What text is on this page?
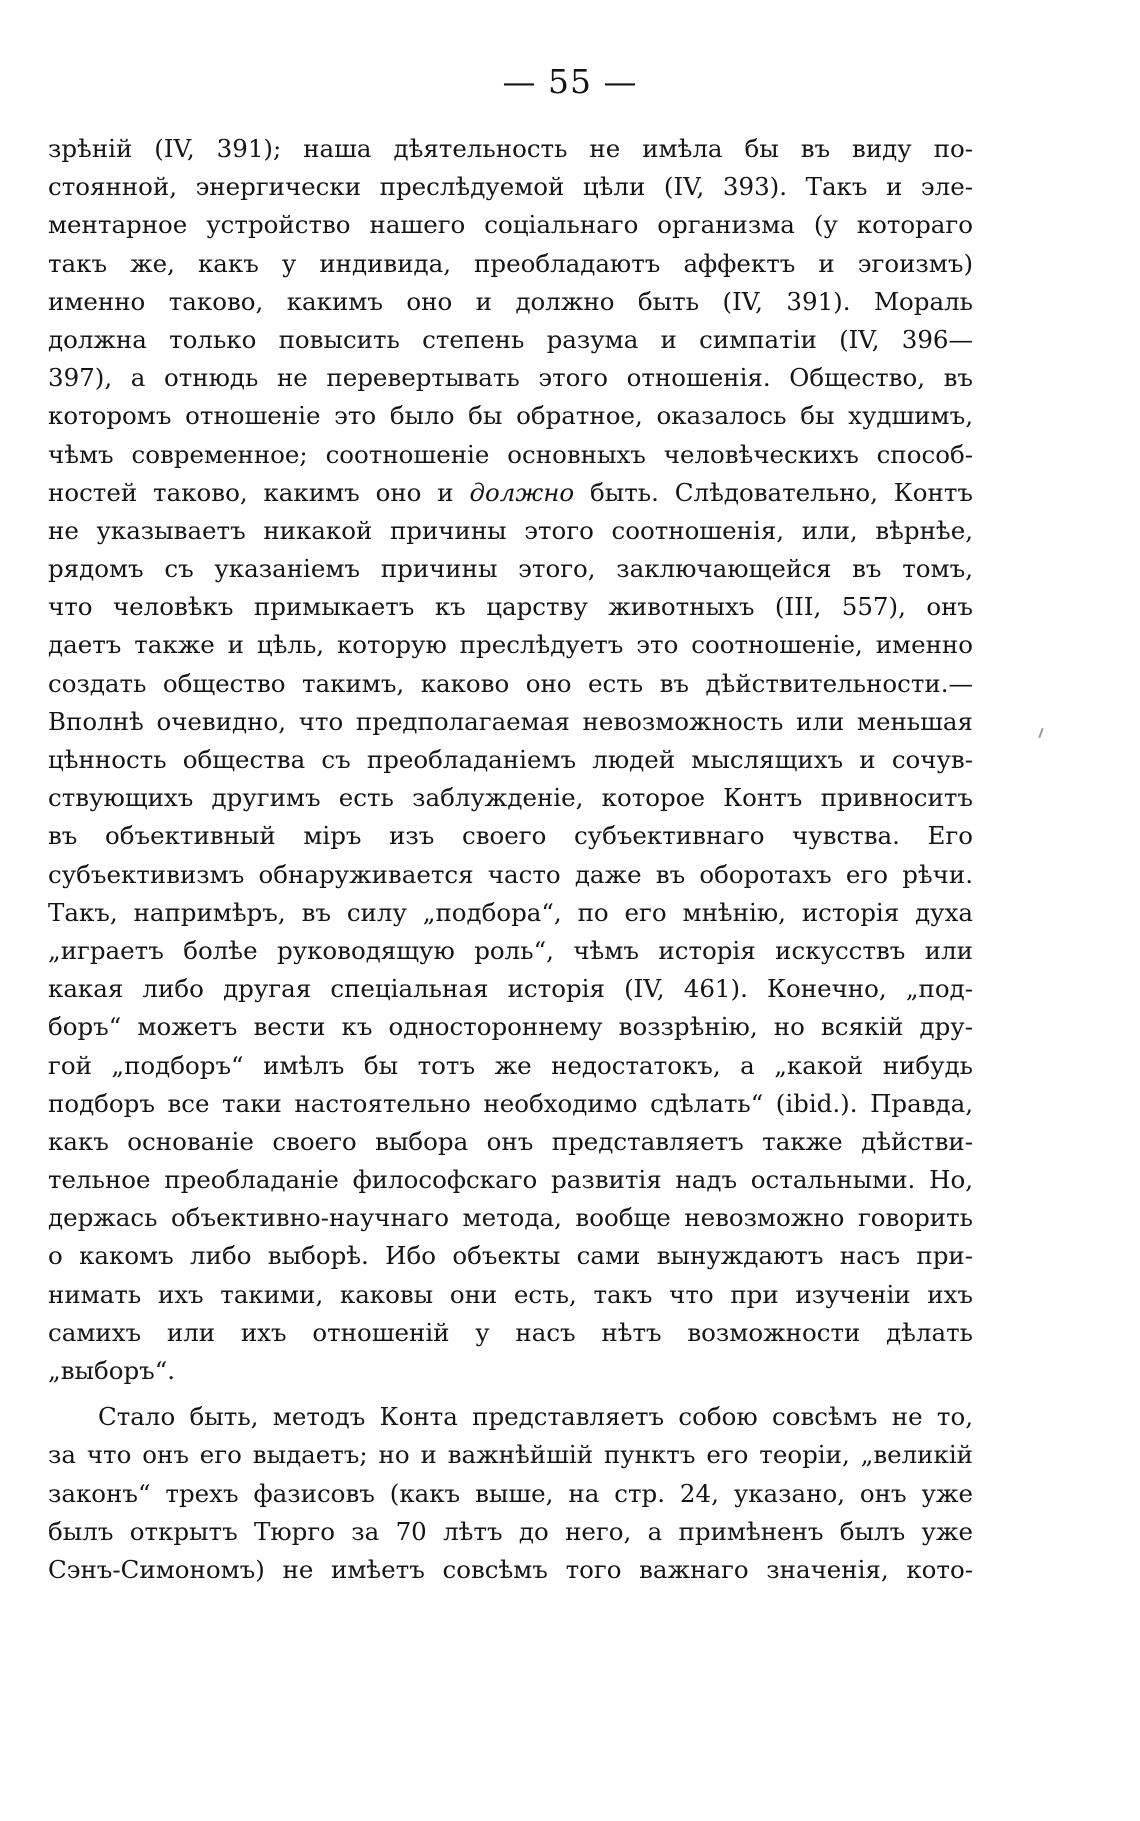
— 55 —
зрѣній (IV, 391); наша дѣятельность не имѣла бы въ виду по-
стоянной, энергически преслѣдуемой цѣли (IV, 393). Такъ и эле-
ментарное устройство нашего соціальнаго организма (у котораго
такъ же, какъ у индивида, преобладаютъ аффектъ и эгоизмъ)
именно таково, какимъ оно и должно быть (IV, 391). Мораль
должна только повысить степень разума и симпатіи (IV, 396—
397), а отнюдь не перевертывать этого отношенія. Общество, въ
которомъ отношеніе это было бы обратное, оказалось бы худшимъ,
чѣмъ современное; соотношеніе основныхъ человѣческихъ способ-
ностей таково, какимъ оно и должно быть. Слѣдовательно, Контъ
не указываетъ никакой причины этого соотношенія, или, вѣрнѣе,
рядомъ съ указаніемъ причины этого, заключающейся въ томъ,
что человѣкъ примыкаетъ къ царству животныхъ (III, 557), онъ
даетъ также и цѣль, которую преслѣдуетъ это соотношеніе, именно
создать общество такимъ, каково оно есть въ дѣйствительности.—
Вполнѣ очевидно, что предполагаемая невозможность или меньшая
цѣнность общества съ преобладаніемъ людей мыслящихъ и сочув-
ствующихъ другимъ есть заблужденіе, которое Контъ привноситъ
въ объективный міръ изъ своего субъективнаго чувства. Его
субъективизмъ обнаруживается часто даже въ оборотахъ его рѣчи.
Такъ, напримѣръ, въ силу „подбора“, по его мнѣнію, исторія духа
„играетъ болѣе руководящую роль“, чѣмъ исторія искусствъ или
какая либо другая спеціальная исторія (IV, 461). Конечно, „под-
боръ“ можетъ вести къ одностороннему воззрѣнію, но всякій дру-
гой „подборъ“ имѣлъ бы тотъ же недостатокъ, а „какой нибудь
подборъ все таки настоятельно необходимо сдѣлать“ (ibid.). Правда,
какъ основаніе своего выбора онъ представляетъ также дѣйстви-
тельное преобладаніе философскаго развитія надъ остальными. Но,
держась объективно-научнаго метода, вообще невозможно говорить
о какомъ либо выборѣ. Ибо объекты сами вынуждаютъ насъ при-
нимать ихъ такими, каковы они есть, такъ что при изученіи ихъ
самихъ или ихъ отношеній у насъ нѣтъ возможности дѣлать
„выборъ“.
Стало быть, методъ Конта представляетъ собою совсѣмъ не то,
за что онъ его выдаетъ; но и важнѣйшій пунктъ его теоріи, „великій
законъ“ трехъ фазисовъ (какъ выше, на стр. 24, указано, онъ уже
былъ открытъ Тюрго за 70 лѣтъ до него, а примѣненъ былъ уже
Сэнъ-Симономъ) не имѣетъ совсѣмъ того важнаго значенія, кото-
